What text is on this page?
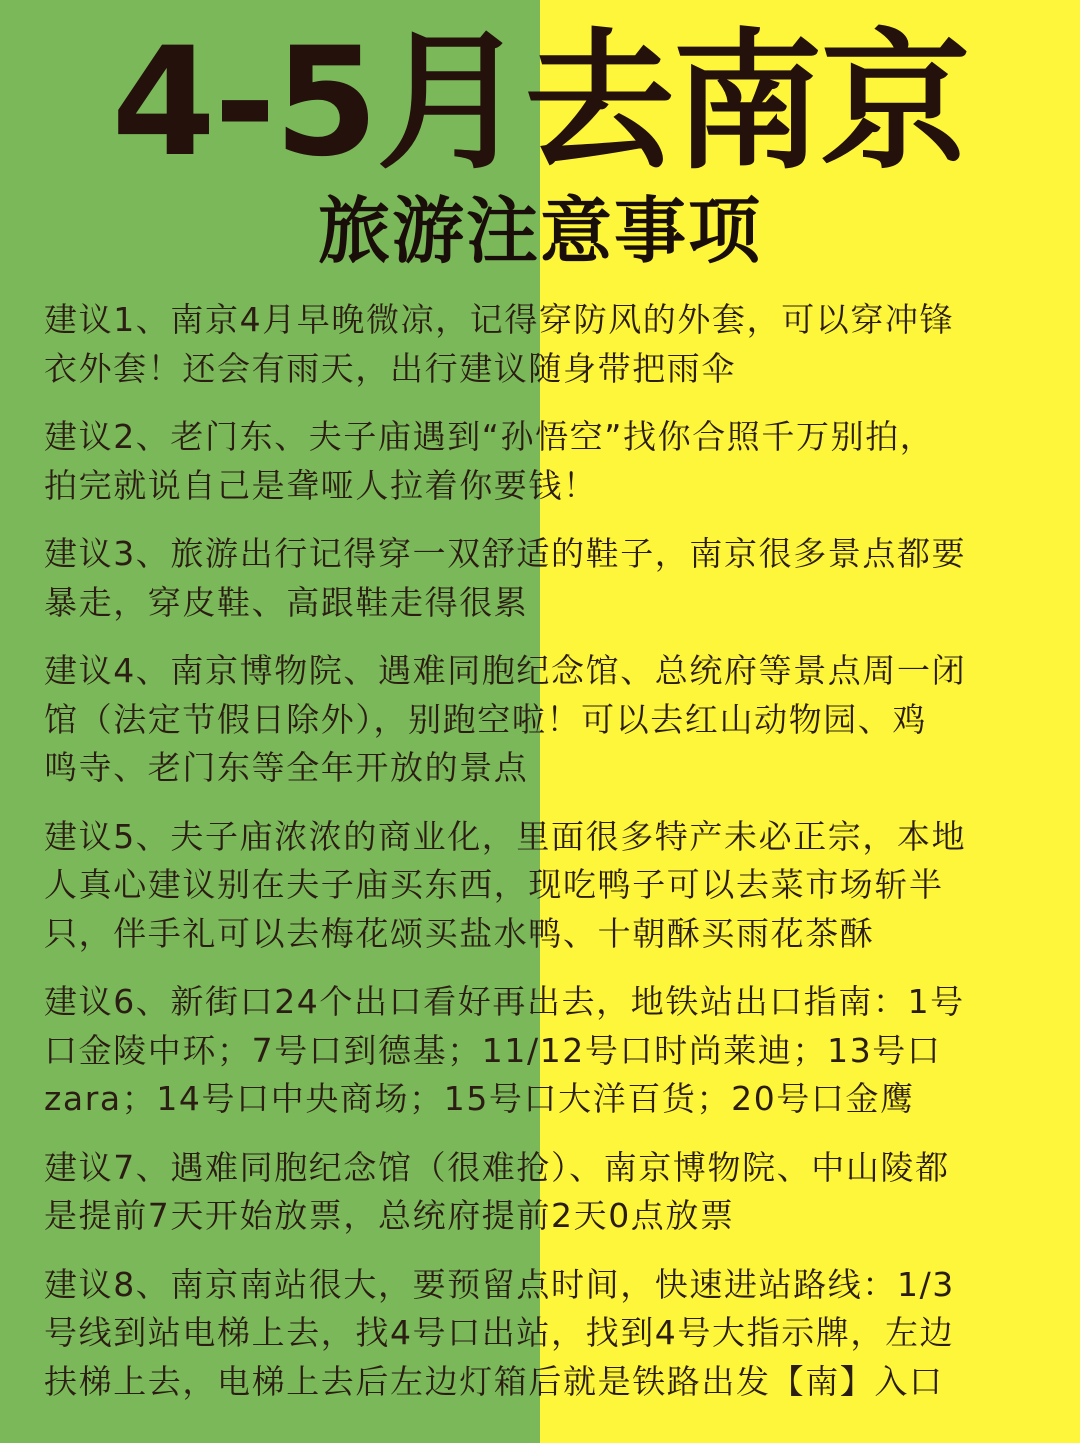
4-5月去南京
旅游注意事项

建议1、南京4月早晚微凉，记得穿防风的外套，可以穿冲锋
衣外套！还会有雨天，出行建议随身带把雨伞

建议2、老门东、夫子庙遇到“孙悟空”找你合照千万别拍，
拍完就说自己是聋哑人拉着你要钱！

建议3、旅游出行记得穿一双舒适的鞋子，南京很多景点都要
暴走，穿皮鞋、高跟鞋走得很累

建议4、南京博物院、遇难同胞纪念馆、总统府等景点周一闭
馆（法定节假日除外），别跑空啦！可以去红山动物园、鸡
鸣寺、老门东等全年开放的景点

建议5、夫子庙浓浓的商业化，里面很多特产未必正宗，本地
人真心建议别在夫子庙买东西，现吃鸭子可以去菜市场斩半
只，伴手礼可以去梅花颂买盐水鸭、十朝酥买雨花茶酥

建议6、新街口24个出口看好再出去，地铁站出口指南：1号
口金陵中环；7号口到德基；11/12号口时尚莱迪；13号口
zara；14号口中央商场；15号口大洋百货；20号口金鹰

建议7、遇难同胞纪念馆（很难抢）、南京博物院、中山陵都
是提前7天开始放票，总统府提前2天0点放票

建议8、南京南站很大，要预留点时间，快速进站路线：1/3
号线到站电梯上去，找4号口出站，找到4号大指示牌，左边
扶梯上去，电梯上去后左边灯箱后就是铁路出发【南】入口
